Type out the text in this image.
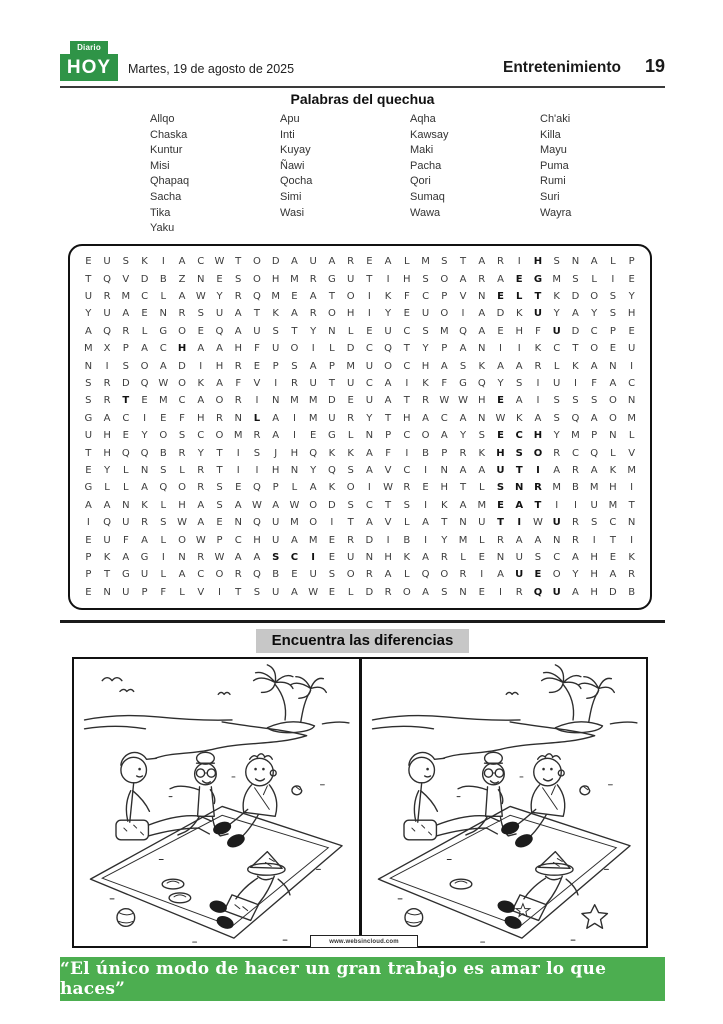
Diario
HOY	Martes, 19 de agosto de 2025	Entretenimiento 19
Palabras del quechua
Allqo
Chaska
Kuntur
Misi
Qhapaq
Sacha
Tika
Yaku
Apu
Inti
Kuyay
Ñawi
Qocha
Simi
Wasi
Aqha
Kawsay
Maki
Pacha
Qori
Sumaq
Wawa
Ch'aki
Killa
Mayu
Puma
Rumi
Suri
Wayra
E	U	S	K	I	A	C	W	T	O	D	A	U	A	R	E	A	L	M	S	T	A	R	I	H	S	N	A	L	P
T	Q	V	D	B	Z	N	E	S	O	H	M	R	G	U	T	I	H	S	O	A	R	A	E	G	M	S	L	I	E
U	R	M	C	L	A	W	Y	R	Q	M	E	A	T	O	I	K	F	C	P	V	N	E	L	T	K	D	O	S	Y
Y	U	A	E	N	R	S	U	A	T	K	A	R	O	H	I	Y	E	U	O	I	A	D	K	U	Y	A	Y	S	H
A	Q	R	L	G	O	E	Q	A	U	S	T	Y	N	L	E	U	C	S	M	Q	A	E	H	F	U	D	C	P	E
M	X	P	A	C	H	A	A	H	F	U	O	I	L	D	C	Q	T	Y	P	A	N	I	I	K	C	T	O	E	U
N	I	S	O	A	D	I	H	R	E	P	S	A	P	M	U	O	C	H	A	S	K	A	A	R	L	K	A	N	I
S	R	D	Q W O	K	A	F	V	I	R	U	T	U	C	A	I	K	F	G	Q	Y	S	I	U	I	F	A	C
S	R	T	E	M	C	A	O	R	I	N	M	M	D	E	U	A	T	R	W W	H	E	A	I	S	S	S	O	N
G	A	C	I	E	F	H	R	N	L	A	I	M	U	R	Y	T	H	A	C	A	N	W	K	A	S	Q	A	O	M
U	H	E	Y	O	S	C	O	M	R	A	I	E	G	L	N	P	C	O	A	Y	S	E	C	H	Y	M	P	N	L
T	H	Q	Q	B	R	Y	T	I	S	J	H	Q	K	K	A	F	I	B	P	R	K	H	S	O	R	C	Q	L	V
E	Y	L	N	S	L	R	T	I	I	H	N	Y	Q	S	A	V	C	I	N	A	A	U	T	I	A	R	A	K	M
G	L	L	A	Q	O	R	S	E	Q	P	L	A	K	O	I	W	R	E	H	T	L	S	N	R	M	B	M	H	I
A	A	N	K	L	H	A	S	A	W	A	W O	D	S	C	T	S	I	K	A	M	E	A	T	I	I	U	M	T
I	Q	U	R	S	W	A	E	N	Q	U	M	O	I	T	A	V	L	A	T	N	U	T	I	W U	R	S	C	N
E	U	F	A	L	O W	P	C	H	U	A	M	E	R	D	I	B	I	Y	M	L	R	A	A	N	R	I	T	I
P	K	A	G	I	N	R	W	A	A	S	C	I	E	U	N	H	K	A	R	L	E	N	U	S	C	A	H	E	K
P	T	G	U	L	A	C	O	R	Q	B	E	U	S	O	R	A	L	Q	O	R	I	A	U	E	O	Y	H	A	R
E	N	U	P	F	L	V	I	T	S	U	A	W	E	L	D	R	O	A	S	N	E	I	R	Q	U	A	H	D	B
Encuentra las diferencias
www.websincloud.com
“El único modo de hacer un gran trabajo es amar lo que haces”
